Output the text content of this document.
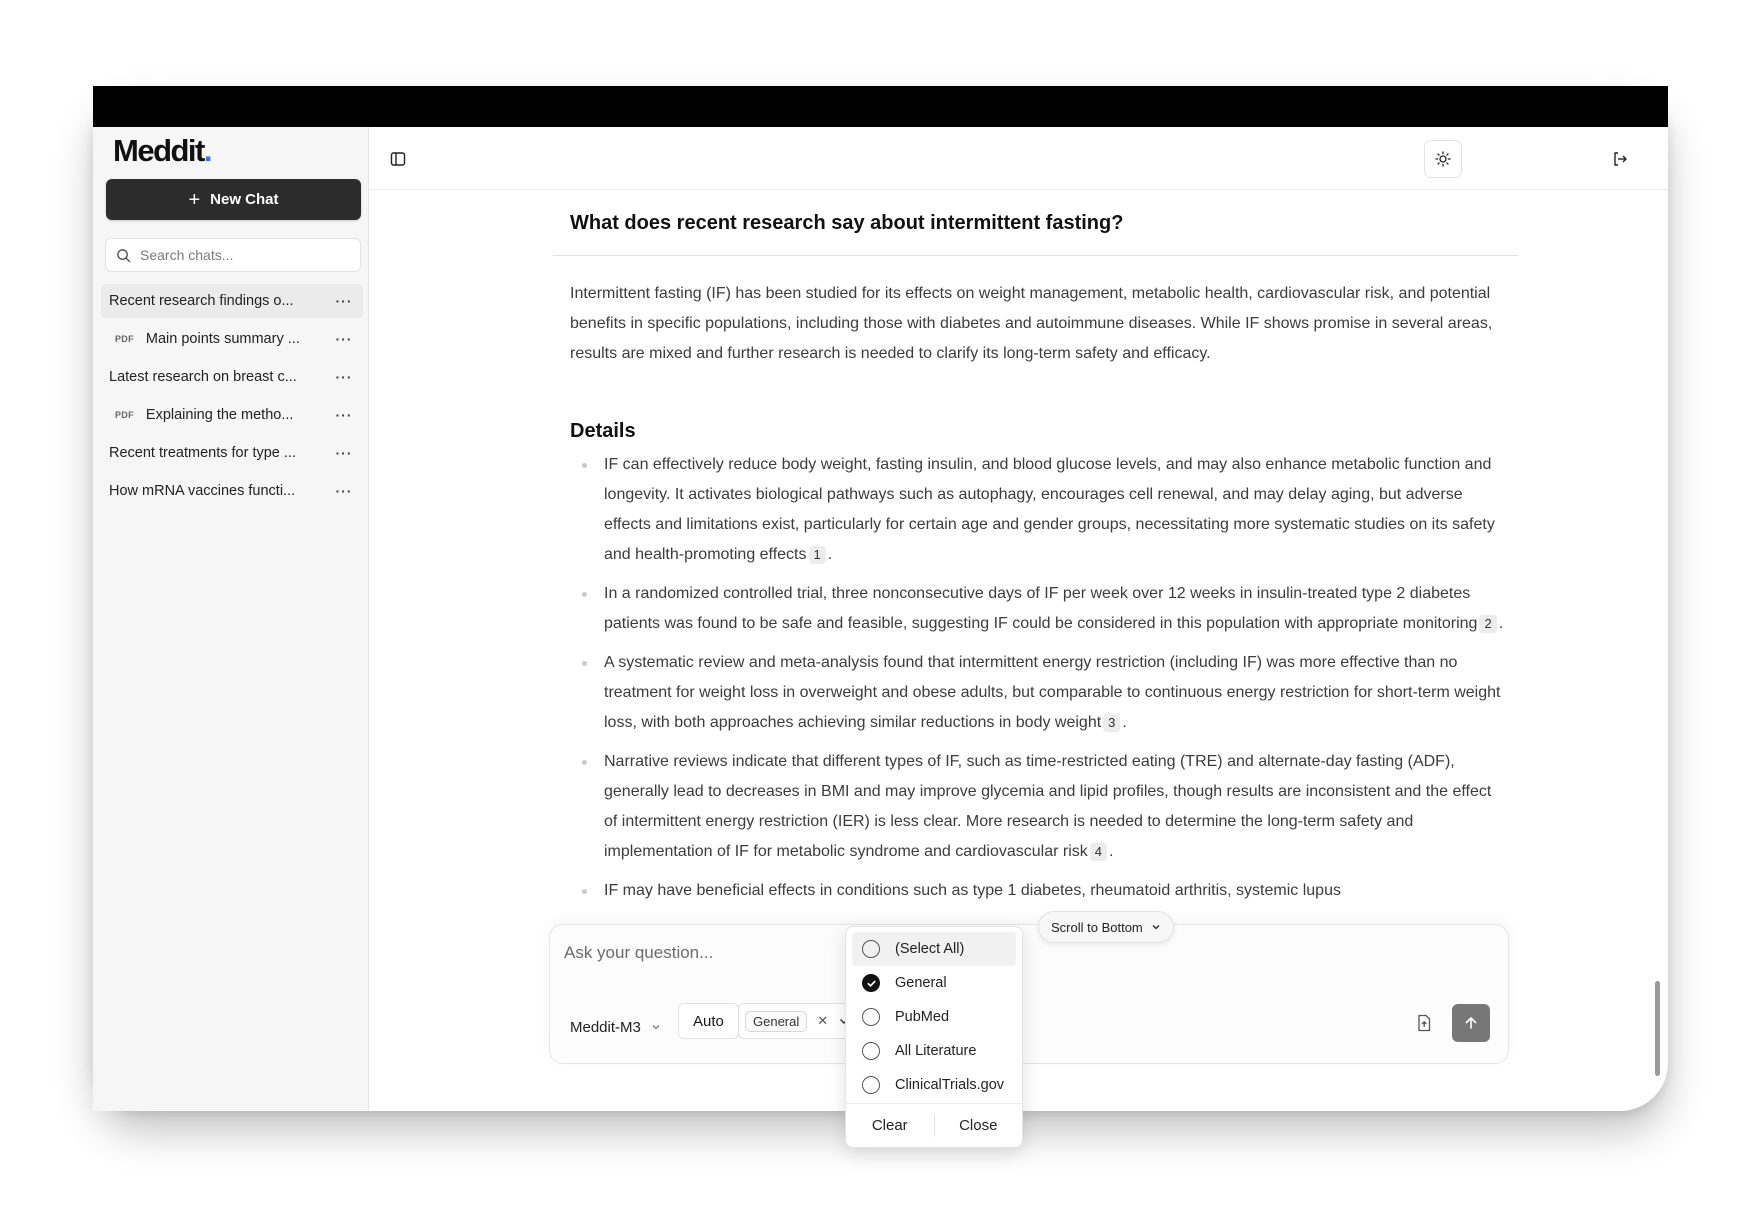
Meddit.
+ New Chat
Search chats...
Recent research findings o...	···
PDF Main points summary ...	···
Latest research on breast c...	···
PDF Explaining the metho...	···
Recent treatments for type ...	···
How mRNA vaccines functi...	···
What does recent research say about intermittent fasting?

Intermittent fasting (IF) has been studied for its effects on weight management, metabolic health, cardiovascular risk, and potential benefits in specific populations, including those with diabetes and autoimmune diseases. While IF shows promise in several areas, results are mixed and further research is needed to clarify its long-term safety and efficacy.

Details
IF can effectively reduce body weight, fasting insulin, and blood glucose levels, and may also enhance metabolic function and longevity. It activates biological pathways such as autophagy, encourages cell renewal, and may delay aging, but adverse effects and limitations exist, particularly for certain age and gender groups, necessitating more systematic studies on its safety and health-promoting effects 1 .
In a randomized controlled trial, three nonconsecutive days of IF per week over 12 weeks in insulin-treated type 2 diabetes patients was found to be safe and feasible, suggesting IF could be considered in this population with appropriate monitoring 2 .
A systematic review and meta-analysis found that intermittent energy restriction (including IF) was more effective than no treatment for weight loss in overweight and obese adults, but comparable to continuous energy restriction for short-term weight loss, with both approaches achieving similar reductions in body weight 3 .
Narrative reviews indicate that different types of IF, such as time-restricted eating (TRE) and alternate-day fasting (ADF), generally lead to decreases in BMI and may improve glycemia and lipid profiles, though results are inconsistent and the effect of intermittent energy restriction (IER) is less clear. More research is needed to determine the long-term safety and implementation of IF for metabolic syndrome and cardiovascular risk 4 .
IF may have beneficial effects in conditions such as type 1 diabetes, rheumatoid arthritis, systemic lupus
Ask your question...
Meddit-M3	Auto	General	✕
Scroll to Bottom
(Select All)
General
PubMed
All Literature
ClinicalTrials.gov
Clear	Close
